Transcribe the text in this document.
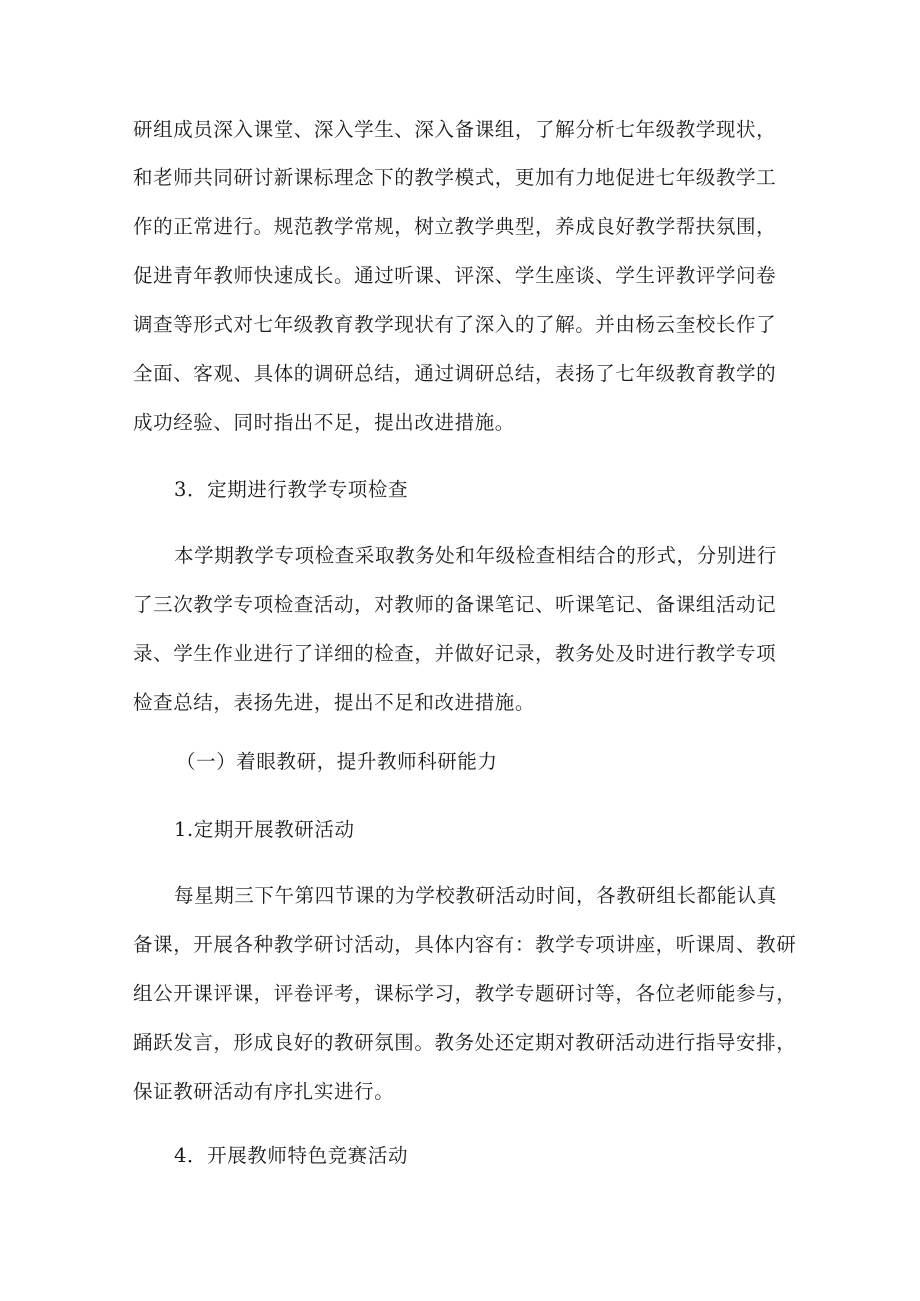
研组成员深入课堂、深入学生、深入备课组，了解分析七年级教学现状，
和老师共同研讨新课标理念下的教学模式，更加有力地促进七年级教学工
作的正常进行。规范教学常规，树立教学典型，养成良好教学帮扶氛围，
促进青年教师快速成长。通过听课、评深、学生座谈、学生评教评学问卷
调查等形式对七年级教育教学现状有了深入的了解。并由杨云奎校长作了
全面、客观、具体的调研总结，通过调研总结，表扬了七年级教育教学的
成功经验、同时指出不足，提出改进措施。
3．定期进行教学专项检查
本学期教学专项检查采取教务处和年级检查相结合的形式，分别进行
了三次教学专项检查活动，对教师的备课笔记、听课笔记、备课组活动记
录、学生作业进行了详细的检查，并做好记录，教务处及时进行教学专项
检查总结，表扬先进，提出不足和改进措施。
（一）着眼教研，提升教师科研能力
1.定期开展教研活动
每星期三下午第四节课的为学校教研活动时间，各教研组长都能认真
备课，开展各种教学研讨活动，具体内容有：教学专项讲座，听课周、教研
组公开课评课，评卷评考，课标学习，教学专题研讨等，各位老师能参与，
踊跃发言，形成良好的教研氛围。教务处还定期对教研活动进行指导安排，
保证教研活动有序扎实进行。
4．开展教师特色竞赛活动
